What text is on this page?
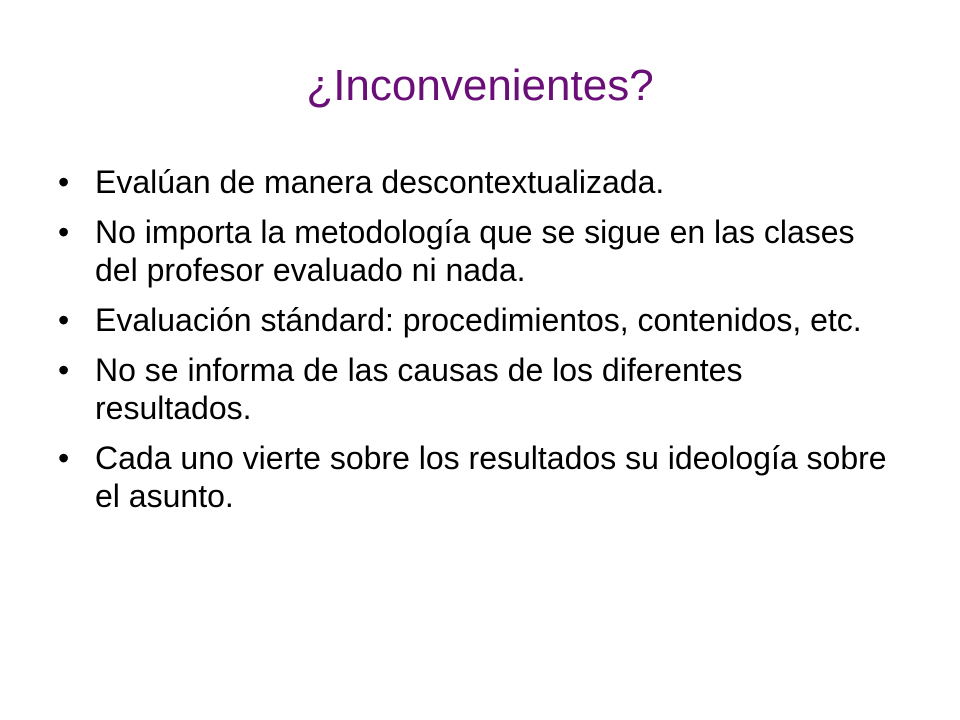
¿Inconvenientes?
• Evalúan de manera descontextualizada.
• No importa la metodología que se sigue en las clases del profesor evaluado ni nada.
• Evaluación stándard: procedimientos, contenidos, etc.
• No se informa de las causas de los diferentes resultados.
• Cada uno vierte sobre los resultados su ideología sobre el asunto.
